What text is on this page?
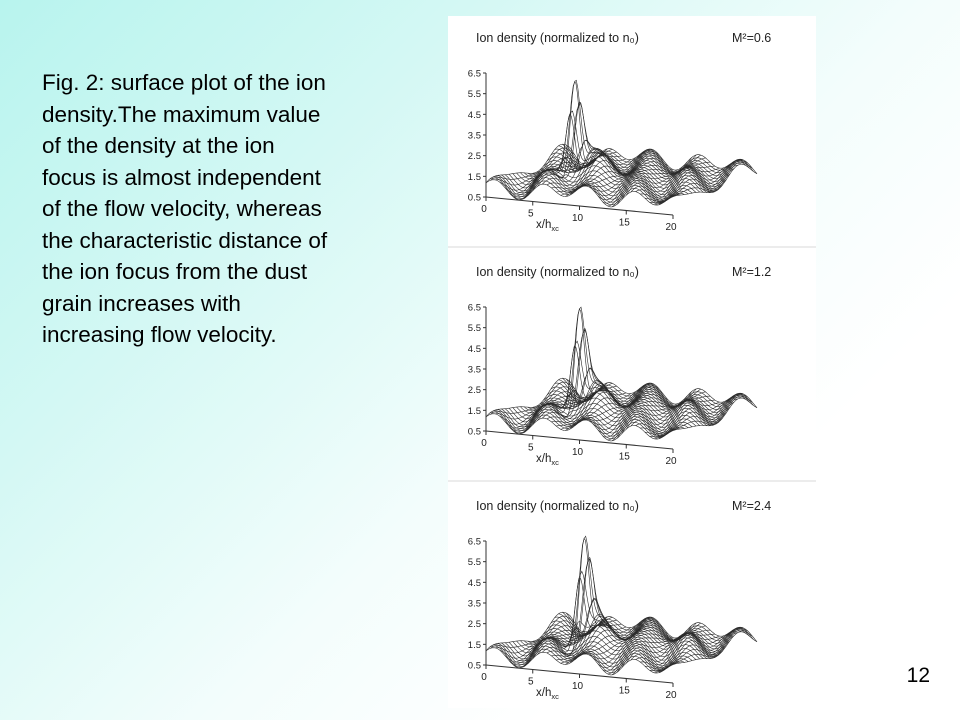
Fig. 2: surface plot of the ion density.The maximum value of the density at the ion focus is almost independent of the flow velocity, whereas the characteristic distance of the ion focus from the dust grain increases with increasing flow velocity.

Ion density (normalized to n₀)	M²=0.6
0.5
1.5
2.5
3.5
4.5
5.5
6.5
0	5	10	15	20
$x/h_{xc}$
Ion density (normalized to n₀)	M²=1.2
0.5
1.5
2.5
3.5
4.5
5.5
6.5
0	5	10	15	20
$x/h_{xc}$
Ion density (normalized to n₀)	M²=2.4
0.5
1.5
2.5
3.5
4.5
5.5
6.5
0	5	10	15	20
$x/h_{xc}$
12
